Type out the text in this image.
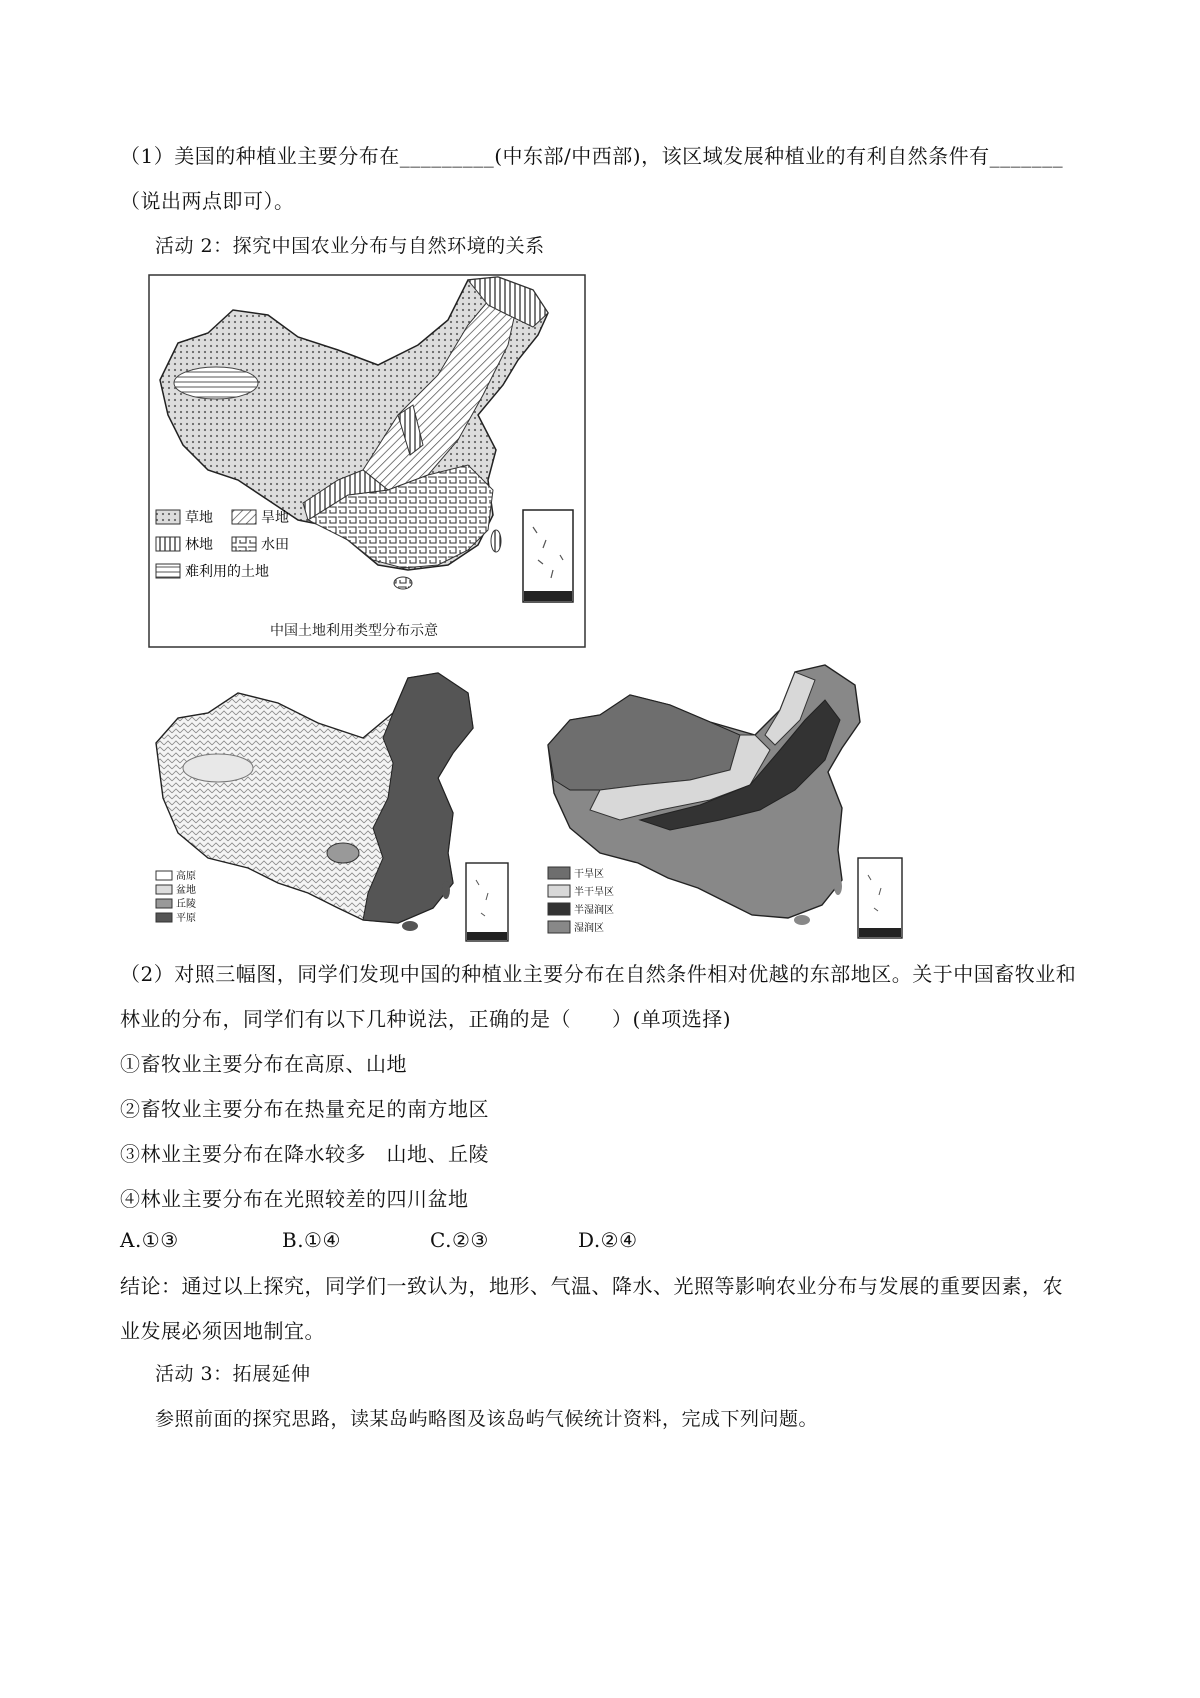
（1）美国的种植业主要分布在_________(中东部/中西部)，该区域发展种植业的有利自然条件有_______
（说出两点即可）。
活动 2：探究中国农业分布与自然环境的关系
草地	旱地
林地	水田
难利用的土地
中国土地利用类型分布示意
高原
盆地
丘陵
平原
干旱区
半干旱区
半湿润区
湿润区
（2）对照三幅图，同学们发现中国的种植业主要分布在自然条件相对优越的东部地区。关于中国畜牧业和
林业的分布，同学们有以下几种说法，正确的是（　　）(单项选择)
①畜牧业主要分布在高原、山地
②畜牧业主要分布在热量充足的南方地区
③林业主要分布在降水较多　山地、丘陵
④林业主要分布在光照较差的四川盆地
A.①③	B.①④	C.②③	D.②④
结论：通过以上探究，同学们一致认为，地形、气温、降水、光照等影响农业分布与发展的重要因素，农
业发展必须因地制宜。
活动 3：拓展延伸
参照前面的探究思路，读某岛屿略图及该岛屿气候统计资料，完成下列问题。
